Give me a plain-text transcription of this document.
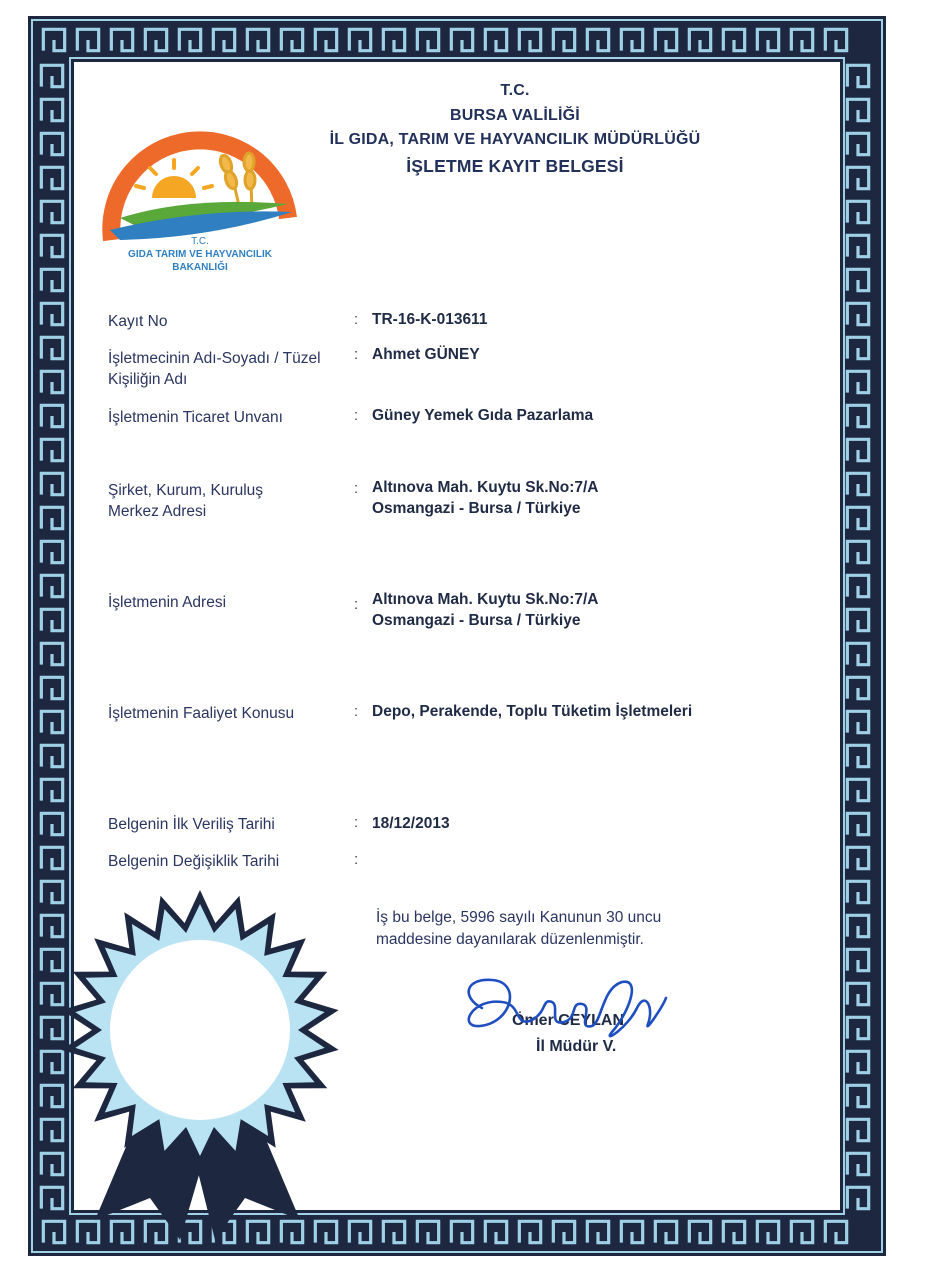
T.C.
GIDA TARIM VE HAYVANCILIK
BAKANLIĞI
T.C.
BURSA VALİLİĞİ
İL GIDA, TARIM VE HAYVANCILIK MÜDÜRLÜĞÜ
İŞLETME KAYIT BELGESİ
Kayıt No	: TR-16-K-013611
İşletmecinin Adı-Soyadı / Tüzel Kişiliğin Adı
: Ahmet GÜNEY
İşletmenin Ticaret Unvanı	: Güney Yemek Gıda Pazarlama
Şirket, Kurum, Kuruluş Merkez Adresi
: Altınova Mah. Kuytu Sk.No:7/A
Osmangazi - Bursa / Türkiye
İşletmenin Adresi	: Altınova Mah. Kuytu Sk.No:7/A
Osmangazi - Bursa / Türkiye
İşletmenin Faaliyet Konusu	: Depo, Perakende, Toplu Tüketim İşletmeleri
Belgenin İlk Veriliş Tarihi	: 18/12/2013
Belgenin Değişiklik Tarihi	:
İş bu belge, 5996 sayılı Kanunun 30 uncu
maddesine dayanılarak düzenlenmiştir.
Ömer CEYLAN
İl Müdür V.
